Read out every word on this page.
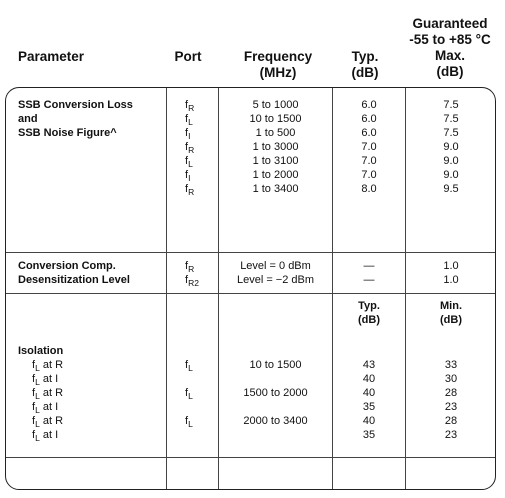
Parameter	Port	Frequency
(MHz)
Typ.
(dB)
Guaranteed
-55 to +85 °C
Max.
(dB)
SSB Conversion Loss
and
SSB Noise Figure^
$f_R$
$f_L$
$f_I$
$f_R$
$f_L$
$f_I$
$f_R$
5 to 1000
10 to 1500
1 to 500
1 to 3000
1 to 3100
1 to 2000
1 to 3400
6.0
6.0
6.0
7.0
7.0
7.0
8.0
7.5
7.5
7.5
9.0
9.0
9.0
9.5
Conversion Comp.
Desensitization Level
$f_R$
$f_{R2}$
Level = 0 dBm
Level = −2 dBm
—
—
1.0
1.0
Typ.
(dB)
Min.
(dB)
Isolation
$f_L$ at R
$f_L$ at I
$f_L$ at R
$f_L$ at I
$f_L$ at R
$f_L$ at I
$f_L$
$f_L$
$f_L$
10 to 1500
1500 to 2000
2000 to 3400
43
40
40
35
40
35
33
30
28
23
28
23
